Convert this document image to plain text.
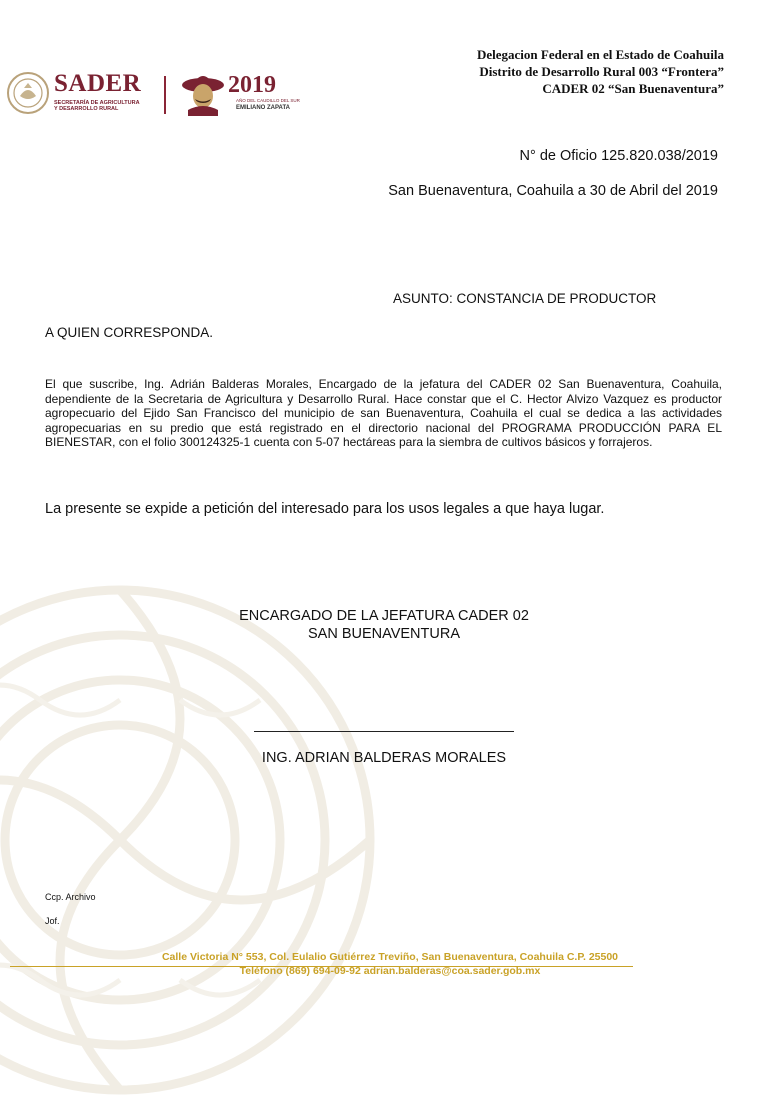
SADER
SECRETARÍA DE AGRICULTURA Y DESARROLLO RURAL
2019
AÑO DEL CAUDILLO DEL SUR
EMILIANO ZAPATA
Delegacion Federal en el Estado de Coahuila
Distrito de Desarrollo Rural 003 “Frontera”
CADER 02 “San Buenaventura”
N° de Oficio 125.820.038/2019
San Buenaventura, Coahuila a 30 de Abril del 2019
ASUNTO: CONSTANCIA DE PRODUCTOR
A QUIEN CORRESPONDA.
El que suscribe, Ing. Adrián Balderas Morales, Encargado de la jefatura del CADER 02 San Buenaventura, Coahuila, dependiente de la Secretaria de Agricultura y Desarrollo Rural. Hace constar que el C. Hector Alvizo Vazquez es productor agropecuario del Ejido San Francisco del municipio de san Buenaventura, Coahuila el cual se dedica a las actividades agropecuarias en su predio que está registrado en el directorio nacional del PROGRAMA PRODUCCIÓN PARA EL BIENESTAR, con el folio 300124325-1 cuenta con 5-07 hectáreas para la siembra de cultivos básicos y forrajeros.
La presente se expide a petición del interesado para los usos legales a que haya lugar.
ENCARGADO DE LA JEFATURA CADER 02
SAN BUENAVENTURA
ING. ADRIAN BALDERAS MORALES
Ccp. Archivo
Jof.
Calle Victoria N° 553, Col. Eulalio Gutiérrez Treviño, San Buenaventura, Coahuila C.P. 25500
Teléfono (869) 694-09-92 adrian.balderas@coa.sader.gob.mx
